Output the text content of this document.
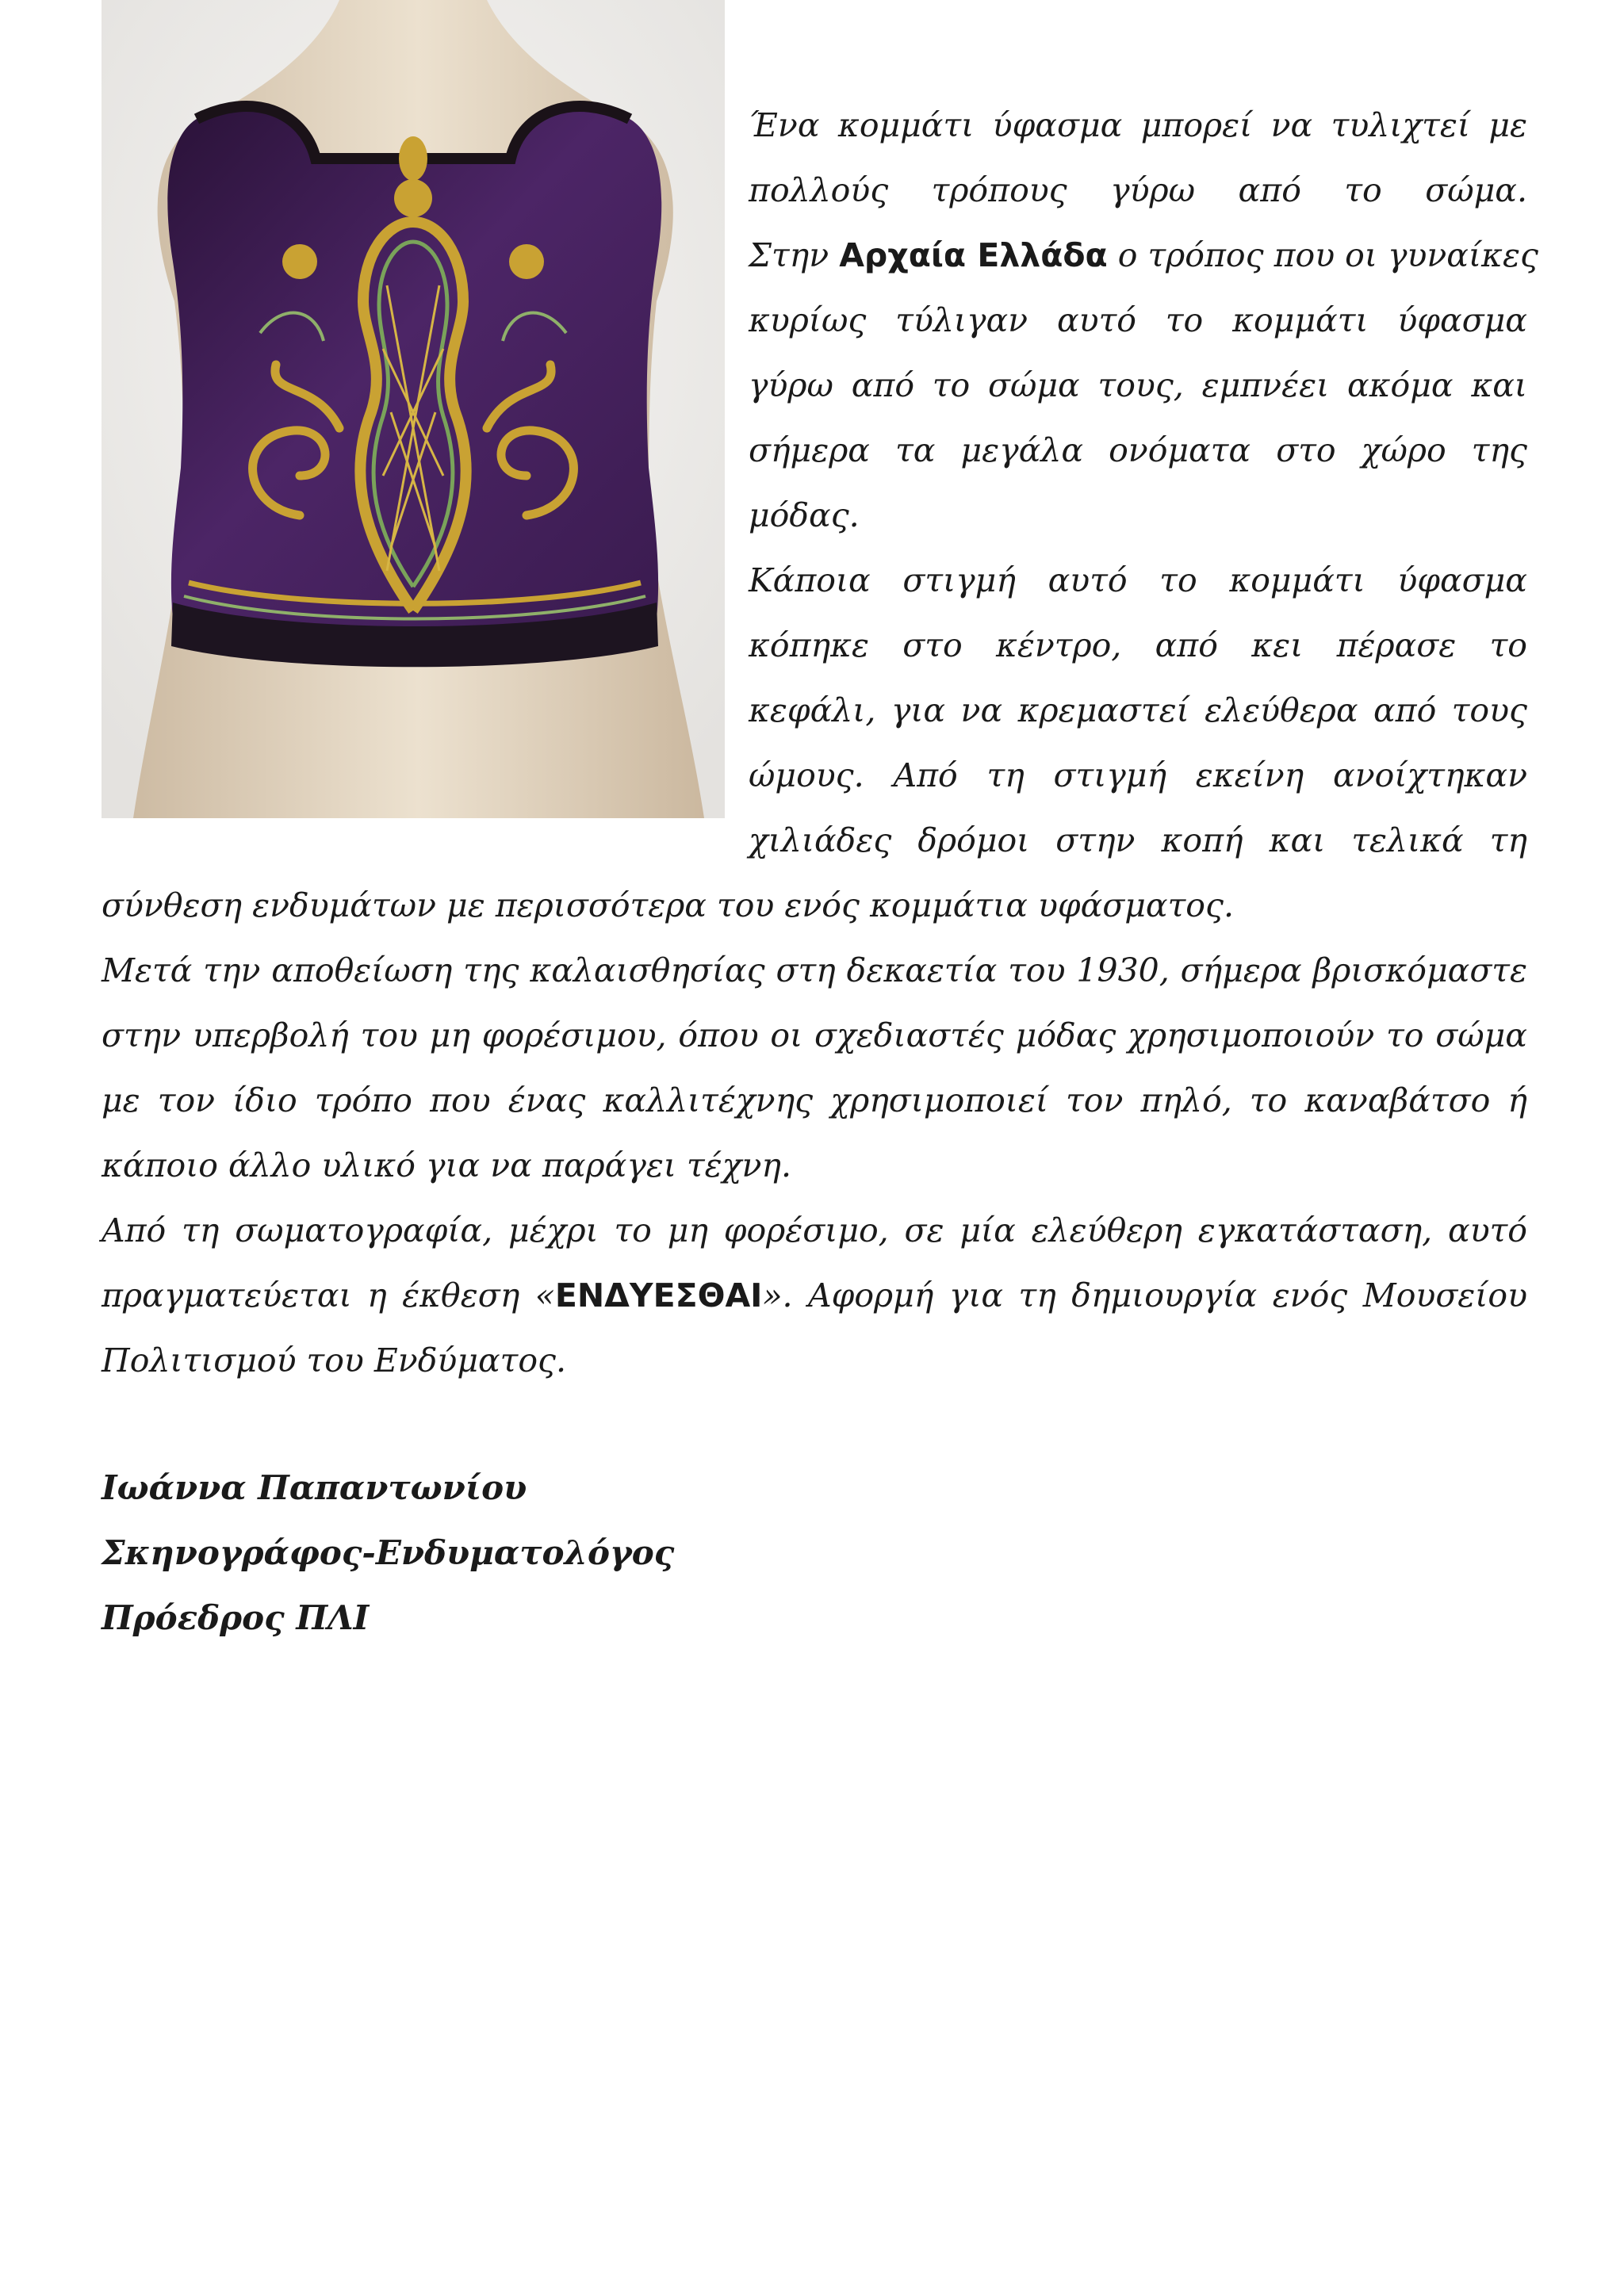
Ένα κομμάτι ύφασμα μπορεί να τυλιχτεί με
πολλούς τρόπους γύρω από το σώμα.
Στην Αρχαία Ελλάδα ο τρόπος που οι γυναίκες
κυρίως τύλιγαν αυτό το κομμάτι ύφασμα
γύρω από το σώμα τους, εμπνέει ακόμα και
σήμερα τα μεγάλα ονόματα στο χώρο της
μόδας.
Κάποια στιγμή αυτό το κομμάτι ύφασμα
κόπηκε στο κέντρο, από κει πέρασε το
κεφάλι, για να κρεμαστεί ελεύθερα από τους
ώμους. Από τη στιγμή εκείνη ανοίχτηκαν
χιλιάδες δρόμοι στην κοπή και τελικά τη
σύνθεση ενδυμάτων με περισσότερα του ενός κομμάτια υφάσματος.
Μετά την αποθείωση της καλαισθησίας στη δεκαετία του 1930, σήμερα βρισκόμαστε
στην υπερβολή του μη φορέσιμου, όπου οι σχεδιαστές μόδας χρησιμοποιούν το σώμα
με τον ίδιο τρόπο που ένας καλλιτέχνης χρησιμοποιεί τον πηλό, το καναβάτσο ή
κάποιο άλλο υλικό για να παράγει τέχνη.
Από τη σωματογραφία, μέχρι το μη φορέσιμο, σε μία ελεύθερη εγκατάσταση, αυτό
πραγματεύεται η έκθεση «ΕΝΔΥΕΣΘΑΙ». Αφορμή για τη δημιουργία ενός Μουσείου
Πολιτισμού του Ενδύματος.
Ιωάννα Παπαντωνίου
Σκηνογράφος-Ενδυματολόγος
Πρόεδρος ΠΛΙ
